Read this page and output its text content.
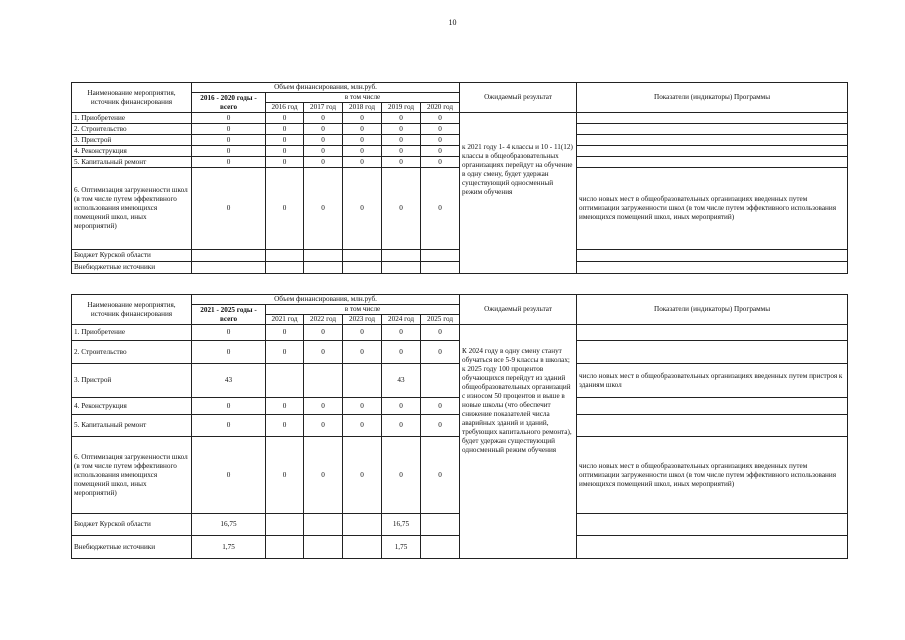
10
Наименование мероприятия, источник финансирования	Объем финансирования, млн.руб.						Ожидаемый результат	Показатели (индикаторы) Программы
	2016 - 2020 годы - всего	в том числе						
		2016 год	2017 год	2018 год	2019 год	2020 год		
1. Приобретение	0	0	0	0	0	0	к 2021 году 1- 4 классы и 10 - 11(12) классы в общеобразовательных организациях перейдут на обучение в одну смену, будет удержан существующий односменный режим обучения	
2. Строительство	0	0	0	0	0	0		
3. Пристрой	0	0	0	0	0	0		
4. Реконструкция	0	0	0	0	0	0		
5. Капитальный ремонт	0	0	0	0	0	0		
6. Оптимизация загруженности школ (в том числе путем эффективного использования имеющихся помещений школ, иных мероприятий)	0	0	0	0	0	0		число новых мест в общеобразовательных организациях введенных путем оптимизации загруженности школ (в том числе путем эффективного использования имеющихся помещений школ, иных мероприятий)
Бюджет Курской области								
Внебюджетные источники								
Наименование мероприятия, источник финансирования	Объем финансирования, млн.руб.						Ожидаемый результат	Показатели (индикаторы) Программы
	2021 - 2025 годы - всего	в том числе						
		2021 год	2022 год	2023 год	2024 год	2025 год		
1. Приобретение	0	0	0	0	0	0	К 2024 году в одну смену станут обучаться все 5-9 классы в школах; к 2025 году 100 процентов обучающихся перейдут из зданий общеобразовательных организаций с износом 50 процентов и выше в новые школы (что обеспечит снижение показателей числа аварийных зданий и зданий, требующих капитального ремонта), будет удержан существующий односменный режим обучения	
2. Строительство	0	0	0	0	0	0		
3. Пристрой	43				43			число новых мест в общеобразовательных организациях введенных путем пристроя к зданиям школ
4. Реконструкция	0	0	0	0	0	0		
5. Капитальный ремонт	0	0	0	0	0	0		
6. Оптимизация загруженности школ (в том числе путем эффективного использования имеющихся помещений школ, иных мероприятий)	0	0	0	0	0	0		число новых мест в общеобразовательных организациях введенных путем оптимизации загруженности школ (в том числе путем эффективного использования имеющихся помещений школ, иных мероприятий)
Бюджет Курской области	16,75				16,75			
Внебюджетные источники	1,75				1,75			
